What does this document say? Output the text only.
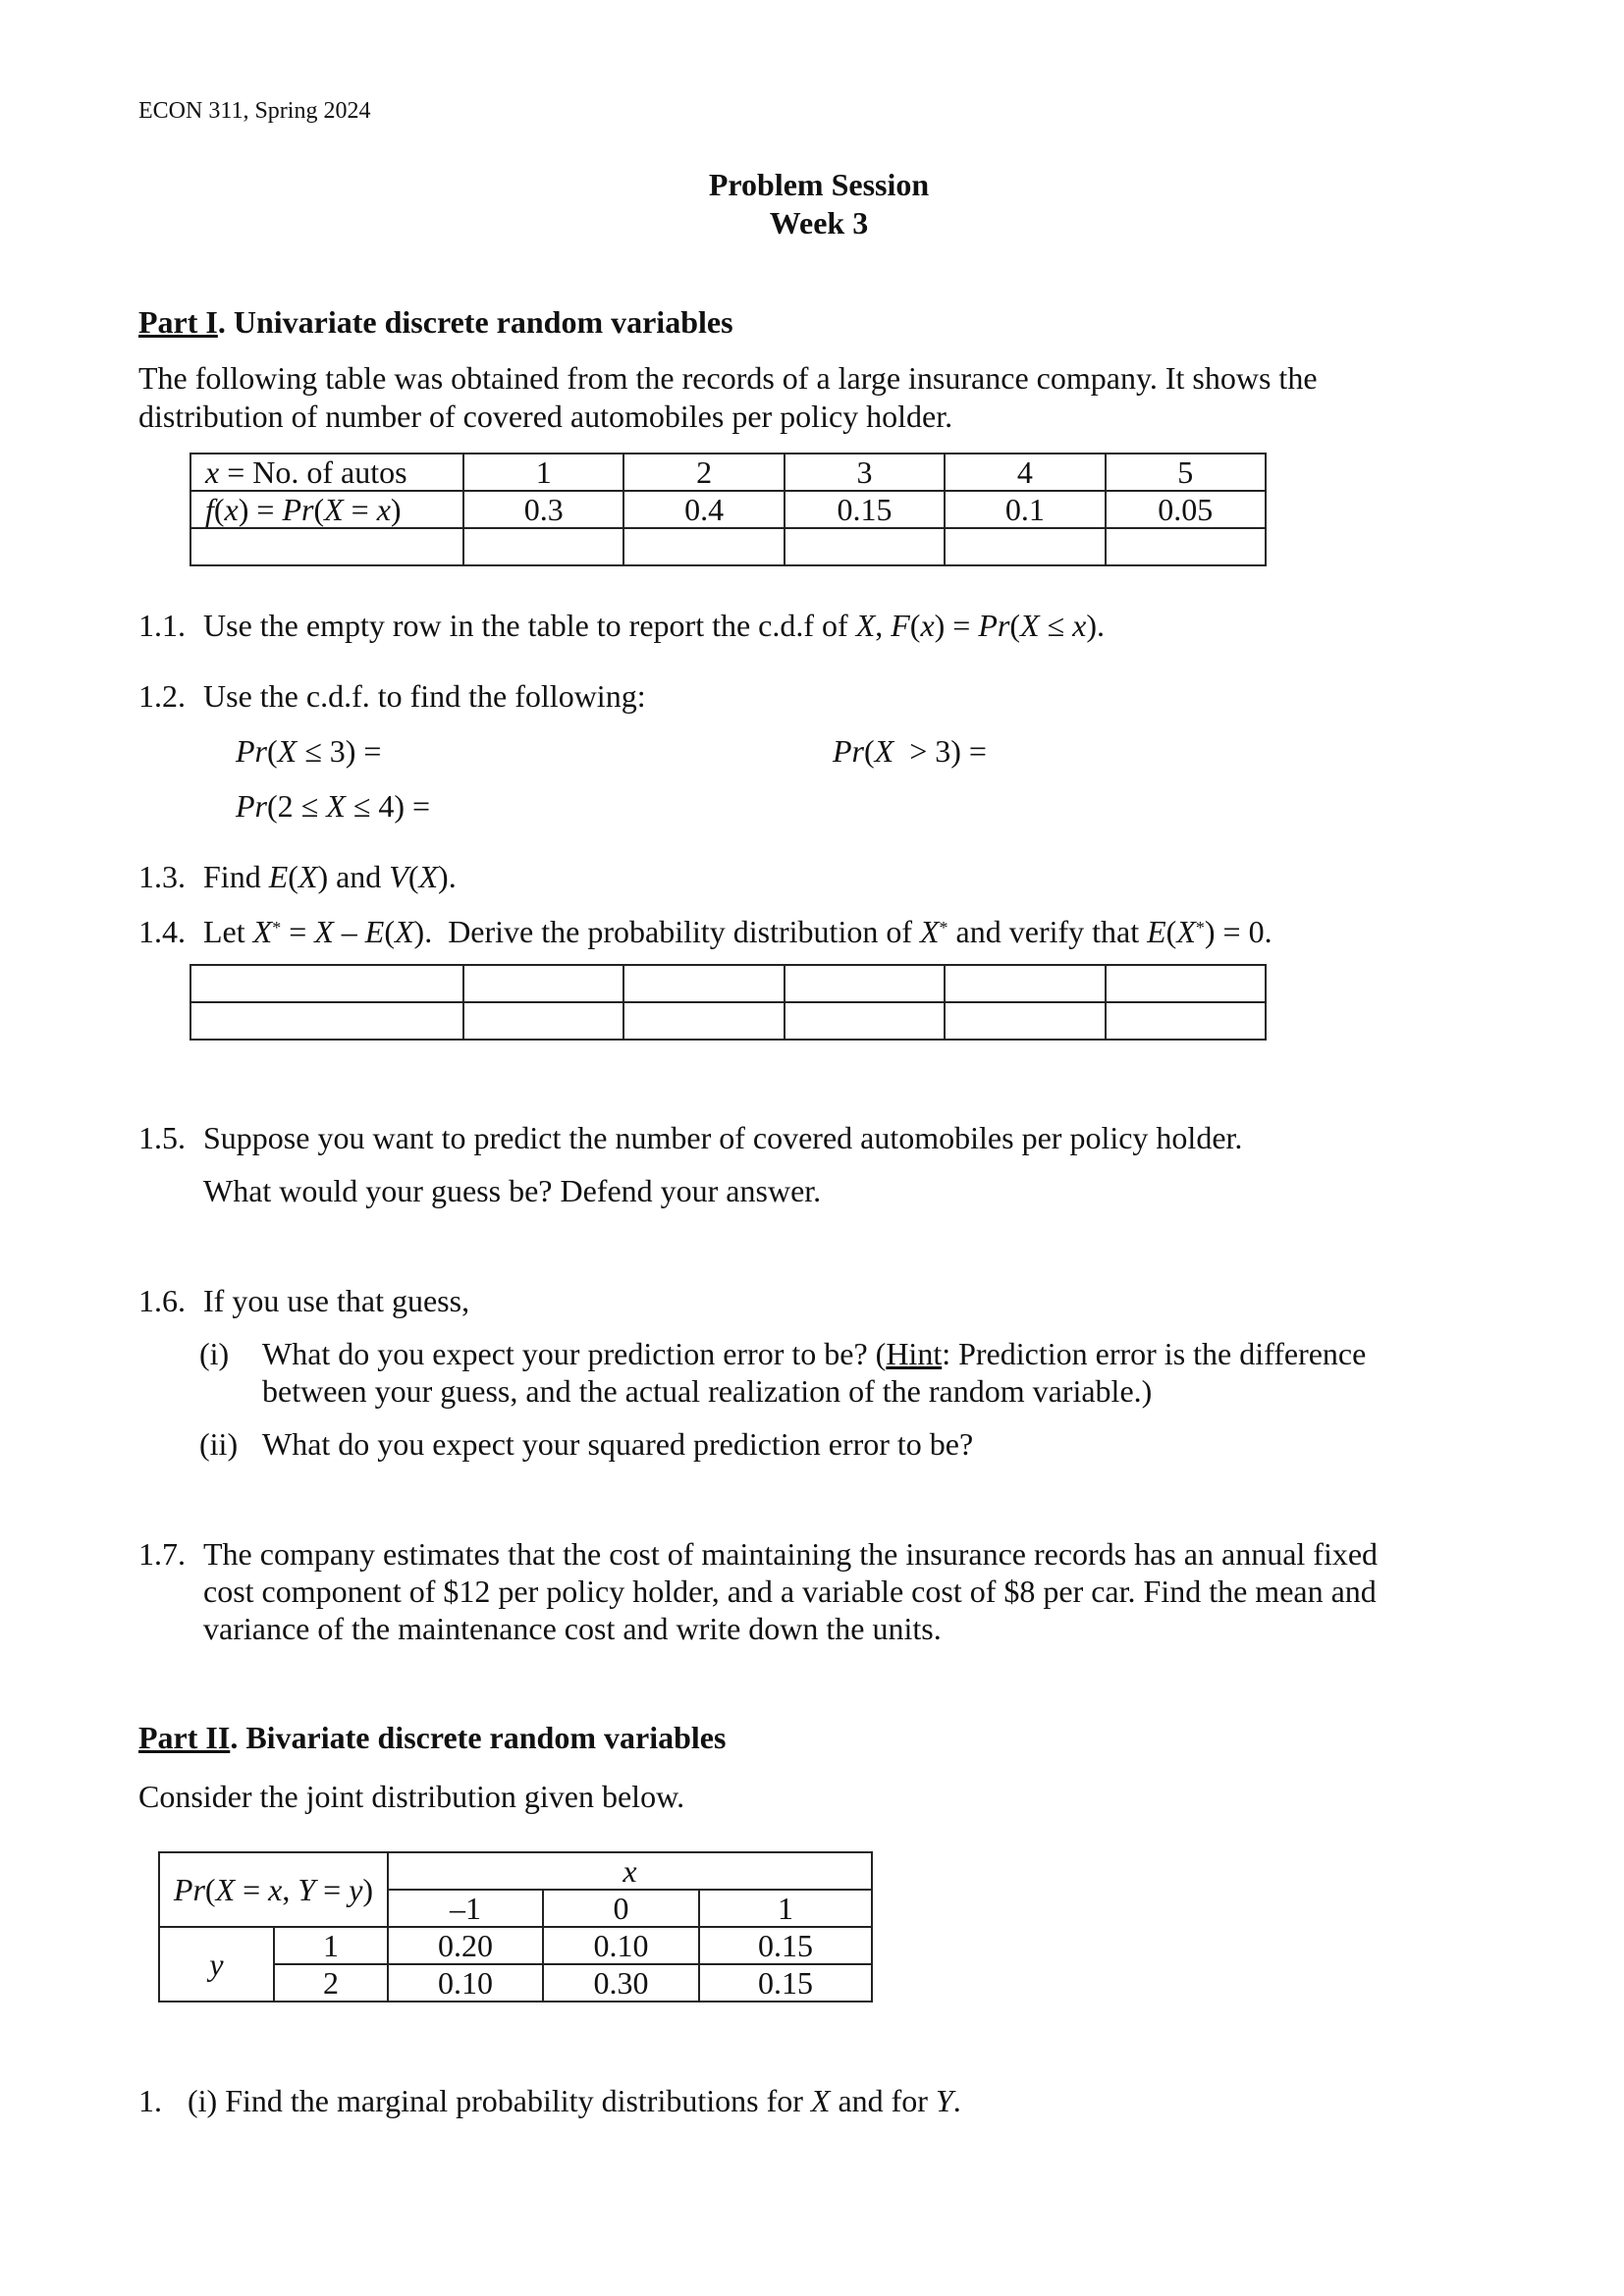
ECON 311, Spring 2024
Problem Session
Week 3
Part I. Univariate discrete random variables
The following table was obtained from the records of a large insurance company. It shows the
distribution of number of covered automobiles per policy holder.
x = No. of autos	1	2	3	4	5
f(x) = Pr(X = x)	0.3	0.4	0.15	0.1	0.05

1.1. Use the empty row in the table to report the c.d.f of X, F(x) = Pr(X ≤ x).
1.2. Use the c.d.f. to find the following:
Pr(X ≤ 3) =	Pr(X > 3) =
Pr(2 ≤ X ≤ 4) =
1.3. Find E(X) and V(X).
1.4. Let X* = X – E(X).  Derive the probability distribution of X* and verify that E(X*) = 0.

1.5. Suppose you want to predict the number of covered automobiles per policy holder.
What would your guess be? Defend your answer.
1.6. If you use that guess,
(i) What do you expect your prediction error to be? (Hint: Prediction error is the difference
between your guess, and the actual realization of the random variable.)
(ii) What do you expect your squared prediction error to be?
1.7. The company estimates that the cost of maintaining the insurance records has an annual fixed
cost component of $12 per policy holder, and a variable cost of $8 per car. Find the mean and
variance of the maintenance cost and write down the units.
Part II. Bivariate discrete random variables
Consider the joint distribution given below.
Pr(X = x, Y = y)		x		
		–1	0	1
y	1	0.20	0.10	0.15
	2	0.10	0.30	0.15
1. (i) Find the marginal probability distributions for X and for Y.
